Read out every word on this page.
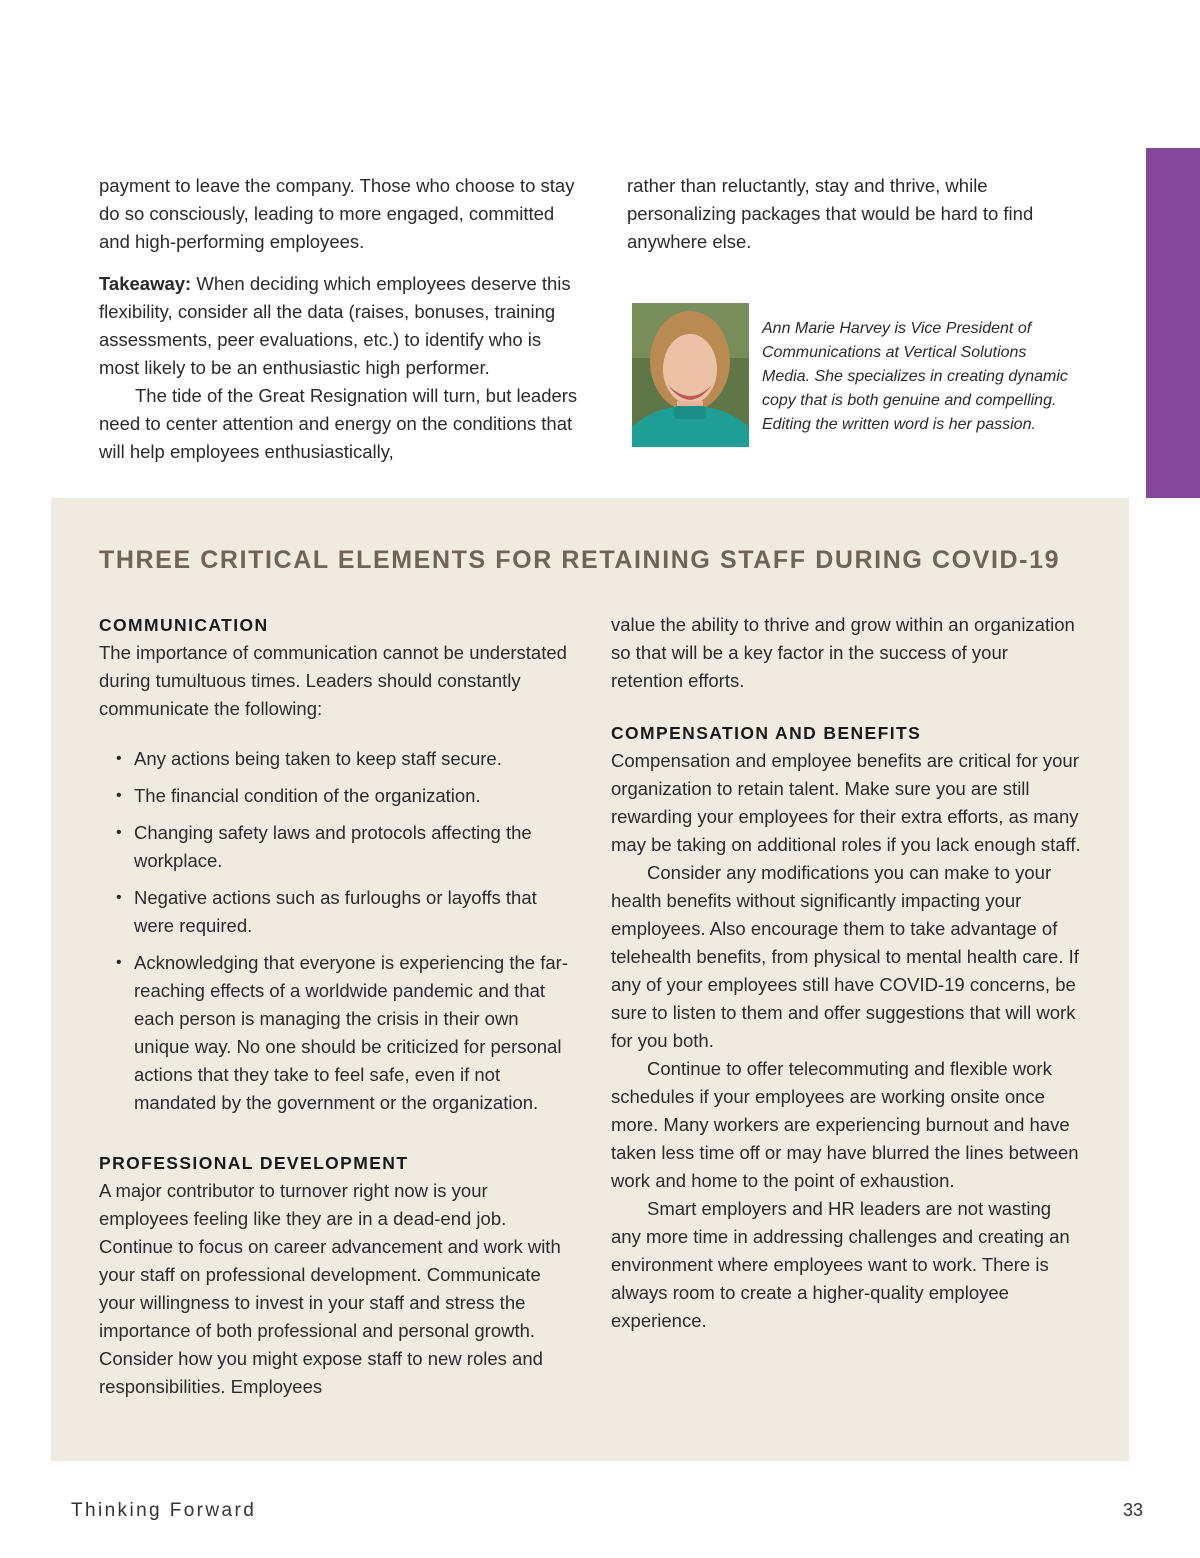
payment to leave the company. Those who choose to stay do so consciously, leading to more engaged, committed and high-performing employees.

Takeaway: When deciding which employees deserve this flexibility, consider all the data (raises, bonuses, training assessments, peer evaluations, etc.) to identify who is most likely to be an enthusiastic high performer.

The tide of the Great Resignation will turn, but leaders need to center attention and energy on the conditions that will help employees enthusiastically,

rather than reluctantly, stay and thrive, while personalizing packages that would be hard to find anywhere else.

Ann Marie Harvey is Vice President of Communications at Vertical Solutions Media. She specializes in creating dynamic copy that is both genuine and compelling. Editing the written word is her passion.

THREE CRITICAL ELEMENTS FOR RETAINING STAFF DURING COVID-19
COMMUNICATION

The importance of communication cannot be understated during tumultuous times. Leaders should constantly communicate the following:

• Any actions being taken to keep staff secure.
• The financial condition of the organization.
• Changing safety laws and protocols affecting the workplace.
• Negative actions such as furloughs or layoffs that were required.
• Acknowledging that everyone is experiencing the far-reaching effects of a worldwide pandemic and that each person is managing the crisis in their own unique way. No one should be criticized for personal actions that they take to feel safe, even if not mandated by the government or the organization.
PROFESSIONAL DEVELOPMENT

A major contributor to turnover right now is your employees feeling like they are in a dead-end job. Continue to focus on career advancement and work with your staff on professional development. Communicate your willingness to invest in your staff and stress the importance of both professional and personal growth. Consider how you might expose staff to new roles and responsibilities. Employees

value the ability to thrive and grow within an organization so that will be a key factor in the success of your retention efforts.

COMPENSATION AND BENEFITS

Compensation and employee benefits are critical for your organization to retain talent. Make sure you are still rewarding your employees for their extra efforts, as many may be taking on additional roles if you lack enough staff.

Consider any modifications you can make to your health benefits without significantly impacting your employees. Also encourage them to take advantage of telehealth benefits, from physical to mental health care. If any of your employees still have COVID-19 concerns, be sure to listen to them and offer suggestions that will work for you both.

Continue to offer telecommuting and flexible work schedules if your employees are working onsite once more. Many workers are experiencing burnout and have taken less time off or may have blurred the lines between work and home to the point of exhaustion.

Smart employers and HR leaders are not wasting any more time in addressing challenges and creating an environment where employees want to work. There is always room to create a higher-quality employee experience.

Thinking Forward	33
